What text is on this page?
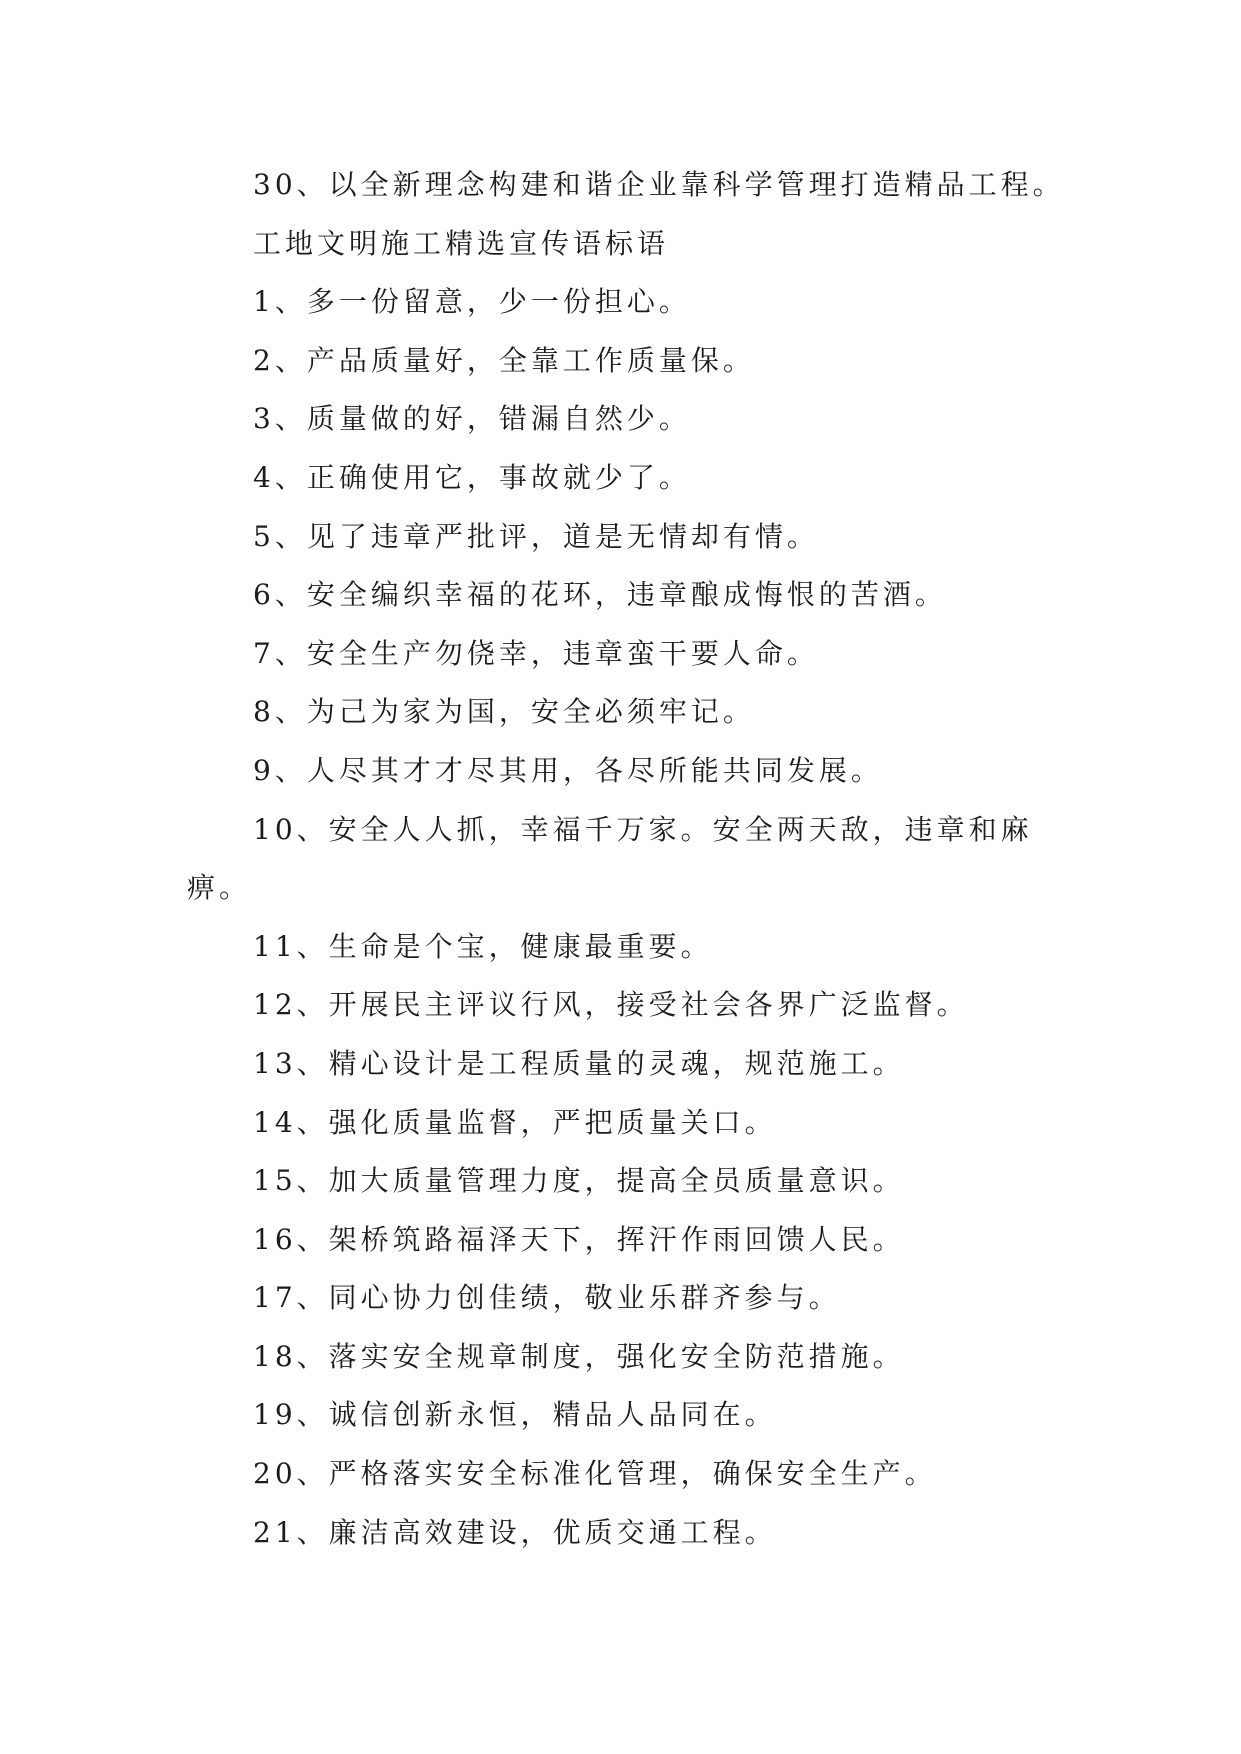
30、以全新理念构建和谐企业靠科学管理打造精品工程。

工地文明施工精选宣传语标语

1、多一份留意，少一份担心。

2、产品质量好，全靠工作质量保。

3、质量做的好，错漏自然少。

4、正确使用它，事故就少了。

5、见了违章严批评，道是无情却有情。

6、安全编织幸福的花环，违章酿成悔恨的苦酒。

7、安全生产勿侥幸，违章蛮干要人命。

8、为己为家为国，安全必须牢记。

9、人尽其才才尽其用，各尽所能共同发展。

10、安全人人抓，幸福千万家。安全两天敌，违章和麻
痹。

11、生命是个宝，健康最重要。

12、开展民主评议行风，接受社会各界广泛监督。

13、精心设计是工程质量的灵魂，规范施工。

14、强化质量监督，严把质量关口。

15、加大质量管理力度，提高全员质量意识。

16、架桥筑路福泽天下，挥汗作雨回馈人民。

17、同心协力创佳绩，敬业乐群齐参与。

18、落实安全规章制度，强化安全防范措施。

19、诚信创新永恒，精品人品同在。

20、严格落实安全标准化管理，确保安全生产。

21、廉洁高效建设，优质交通工程。
